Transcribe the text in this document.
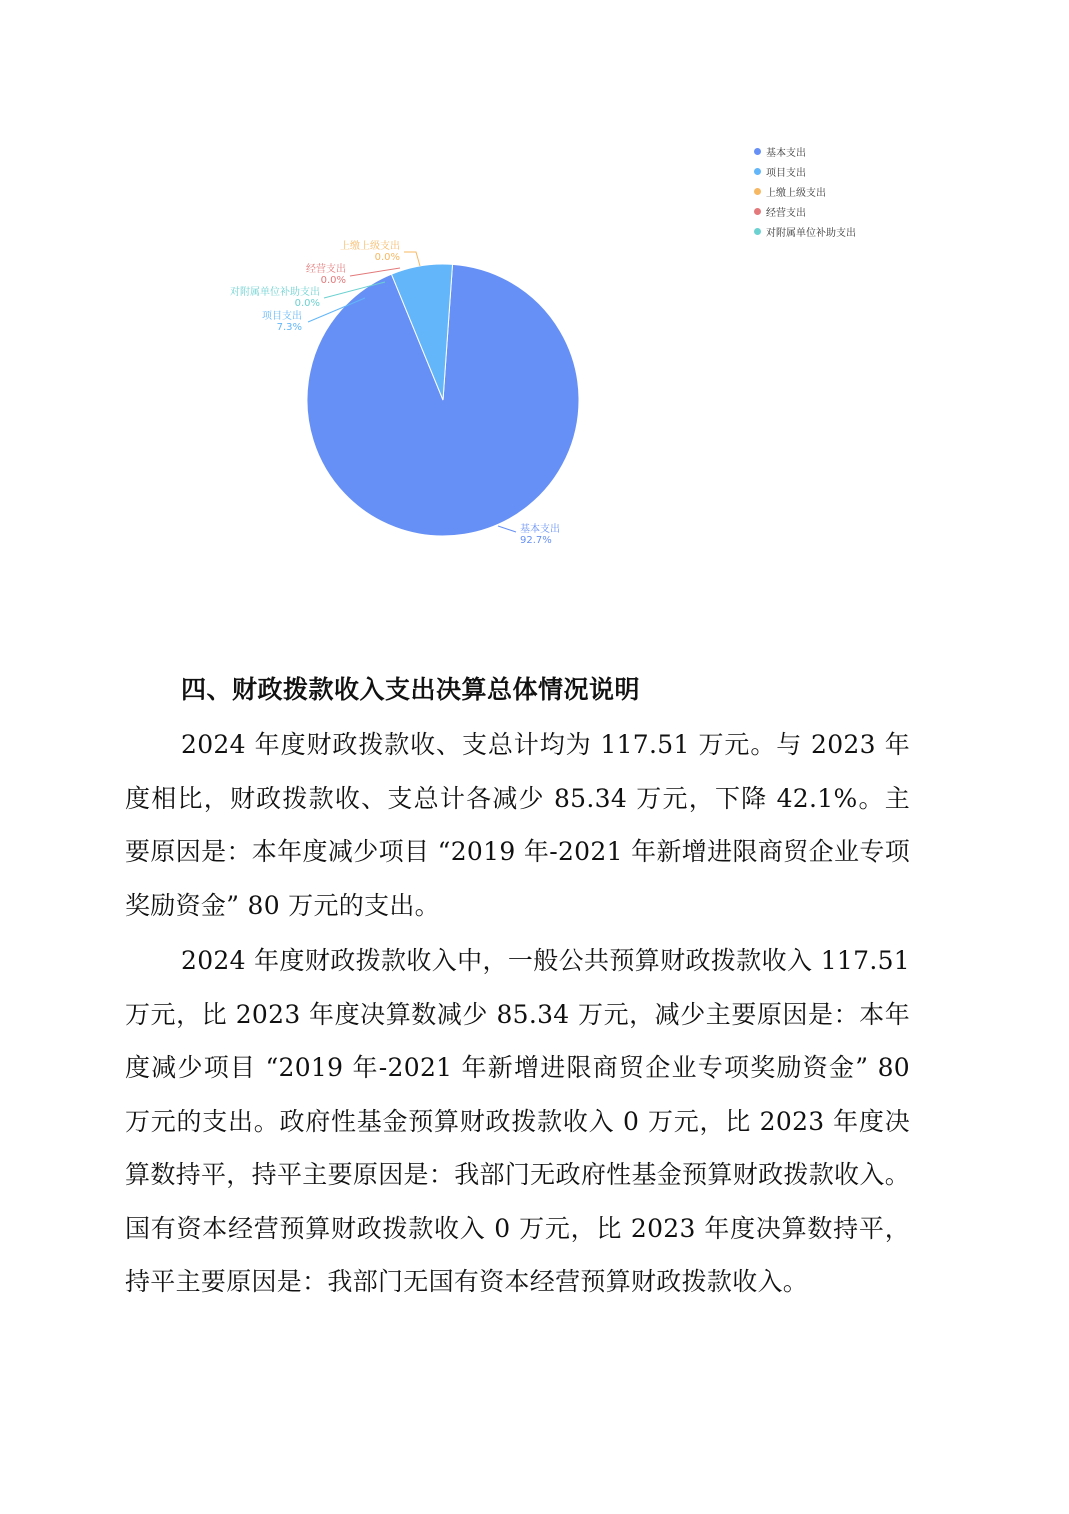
基本支出
92.7%
项目支出
7.3%
上缴上级支出
0.0%
经营支出
0.0%
对附属单位补助支出
0.0%
基本支出
项目支出
上缴上级支出
经营支出
对附属单位补助支出
四、财政拨款收入支出决算总体情况说明

2024 年度财政拨款收、支总计均为 117.51 万元。与 2023 年度相比，财政拨款收、支总计各减少 85.34 万元，下降 42.1%。主要原因是：本年度减少项目 “2019 年-2021 年新增进限商贸企业专项奖励资金” 80 万元的支出。

2024 年度财政拨款收入中，一般公共预算财政拨款收入 117.51 万元，比 2023 年度决算数减少 85.34 万元，减少主要原因是：本年度减少项目 “2019 年-2021 年新增进限商贸企业专项奖励资金” 80 万元的支出。政府性基金预算财政拨款收入 0 万元，比 2023 年度决算数持平，持平主要原因是：我部门无政府性基金预算财政拨款收入。国有资本经营预算财政拨款收入 0 万元，比 2023 年度决算数持平，持平主要原因是：我部门无国有资本经营预算财政拨款收入。
